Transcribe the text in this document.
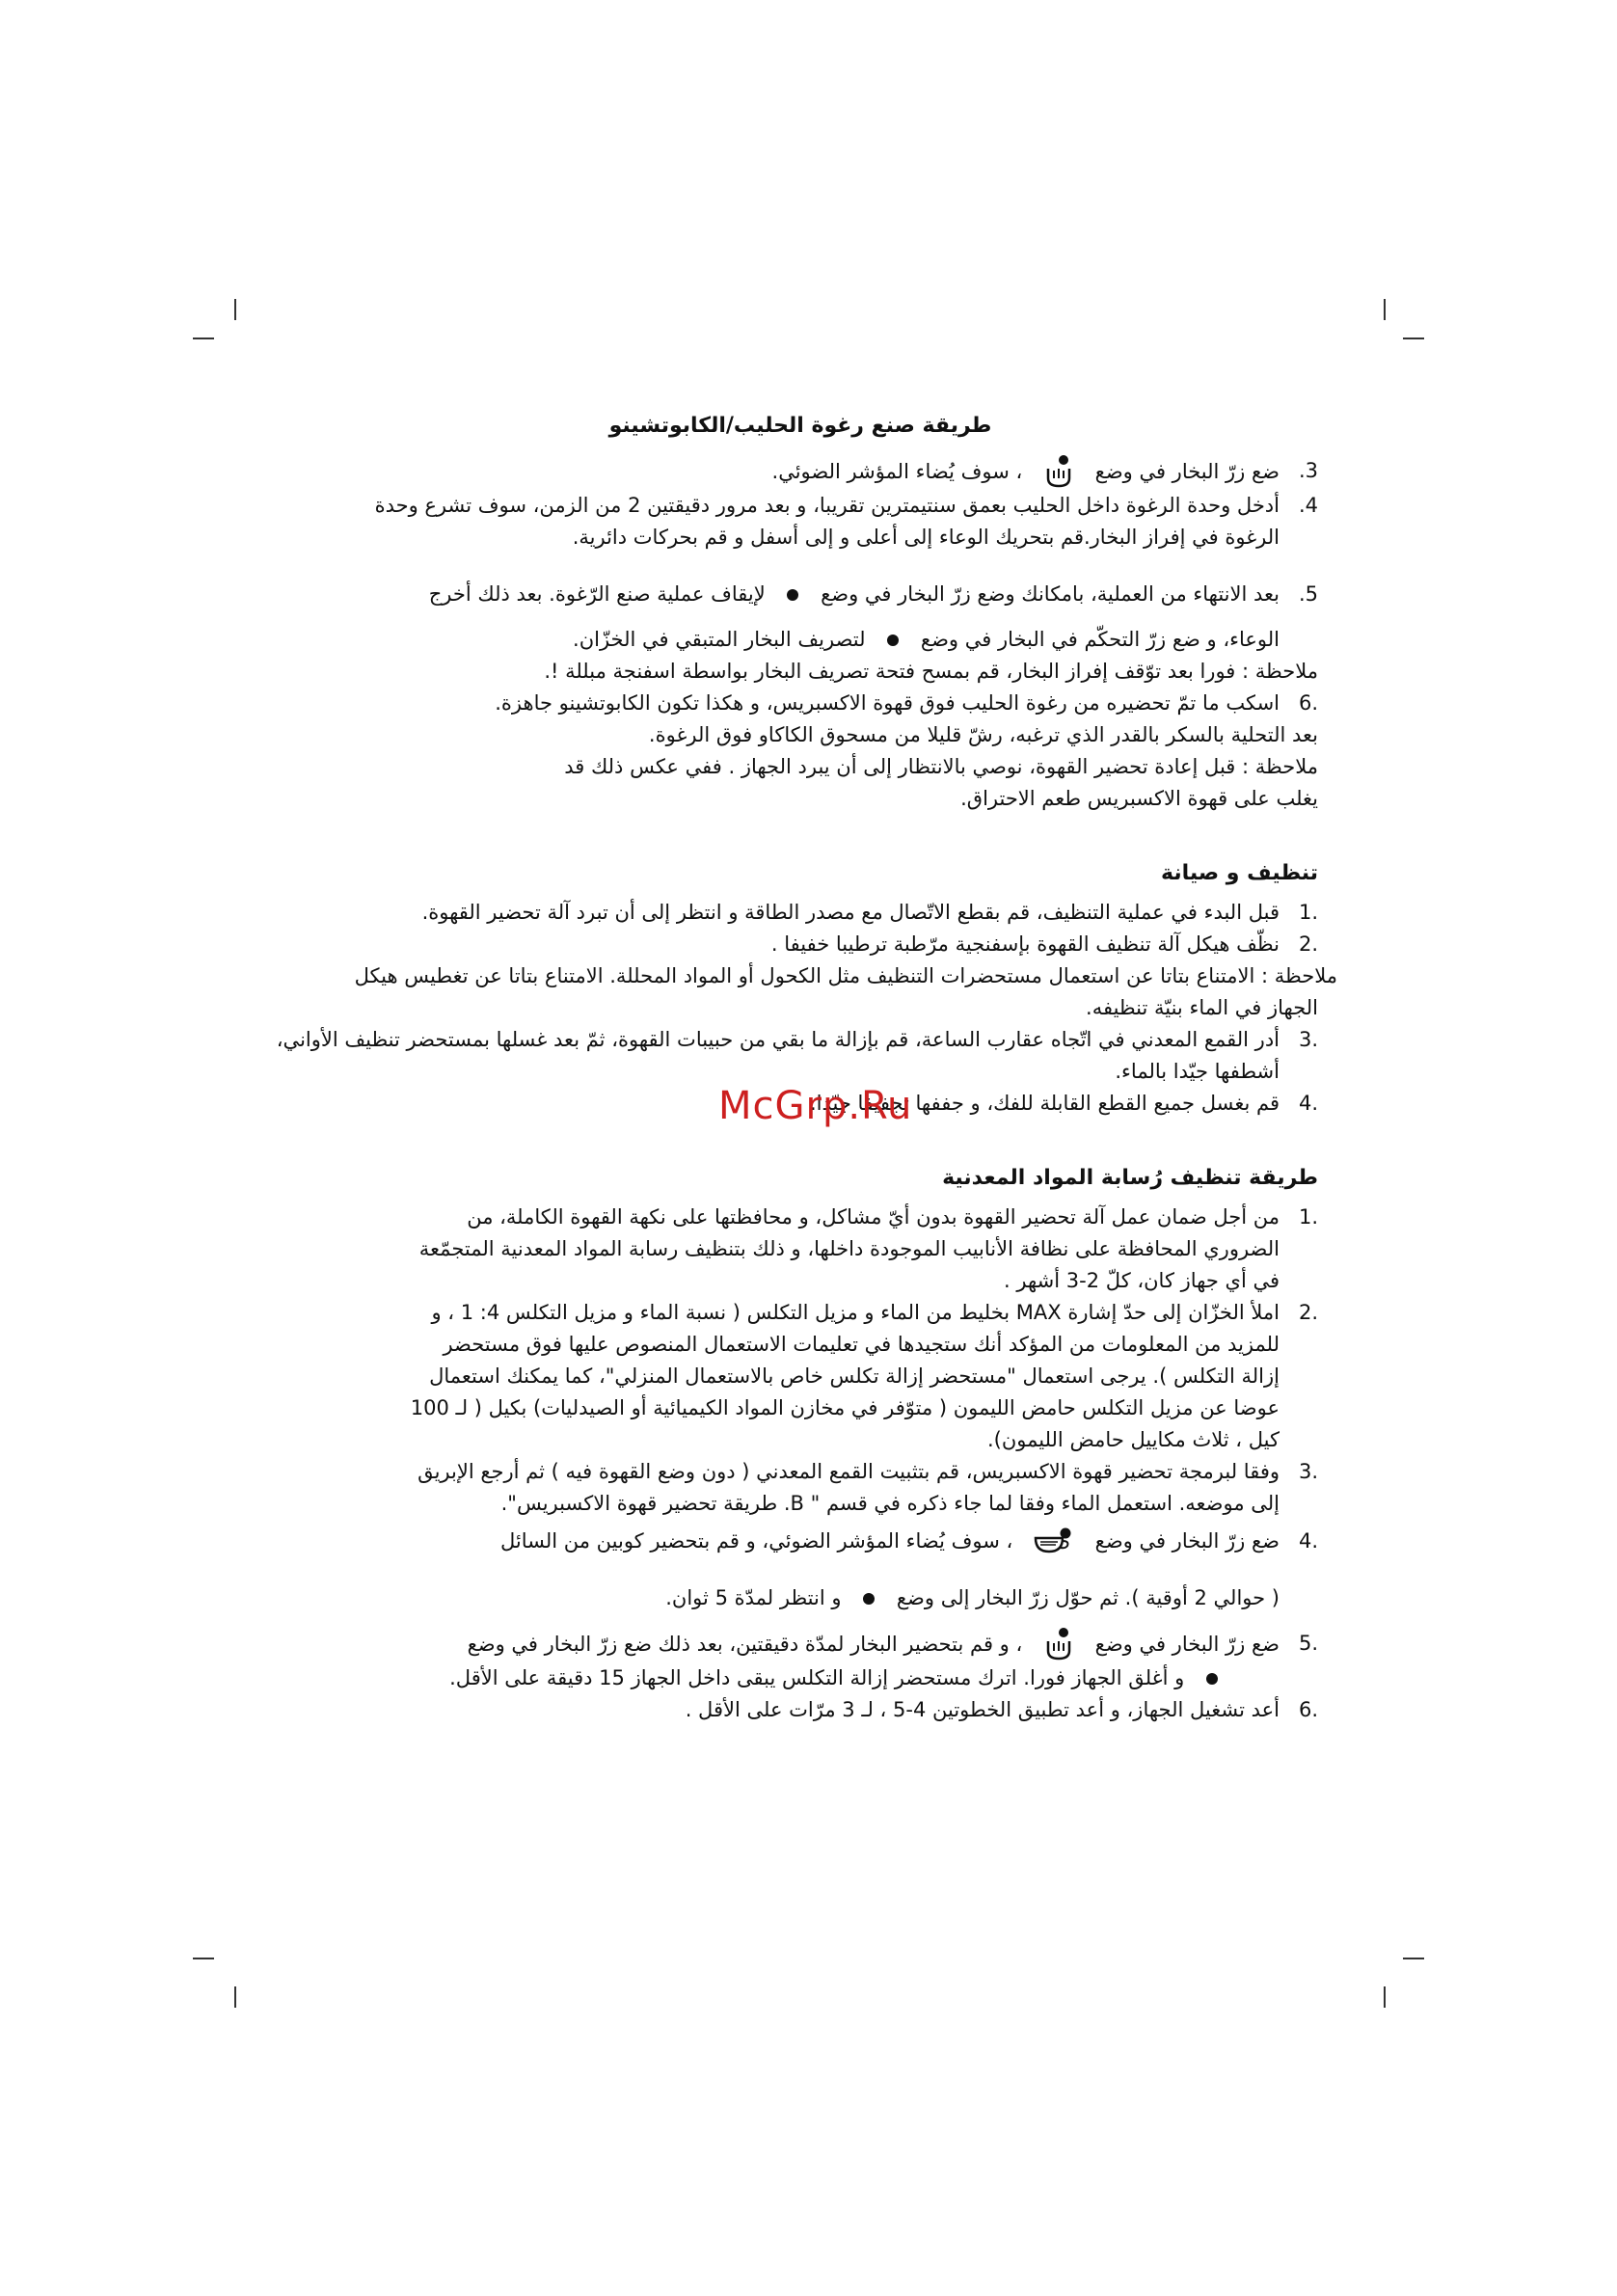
طريقة صنع رغوة الحليب/الكابوتشينو
3.
ضع زرّ البخار في وضع  ، سوف يُضاء المؤشر الضوئي.
4.
أدخل وحدة الرغوة داخل الحليب بعمق سنتيمترين تقريبا، و بعد مرور دقيقتين 2 من الزمن، سوف تشرع وحدة
الرغوة في إفراز البخار.قم بتحريك الوعاء إلى أعلى و إلى أسفل و قم بحركات دائرية.
5.
بعد الانتهاء من العملية، بامكانك وضع زرّ البخار في وضع  لإيقاف عملية صنع الرّغوة. بعد ذلك أخرج
الوعاء، و ضع زرّ التحكّم في البخار في وضع  لتصريف البخار المتبقي في الخزّان.
ملاحظة : فورا بعد توّقف إفراز البخار، قم بمسح فتحة تصريف البخار بواسطة اسفنجة مبللة !.
.6
اسكب ما تمّ تحضيره من رغوة الحليب فوق قهوة الاكسبريس، و هكذا تكون الكابوتشينو جاهزة.
بعد التحلية بالسكر بالقدر الذي ترغبه، رشّ قليلا من مسحوق الكاكاو فوق الرغوة.
ملاحظة : قبل إعادة تحضير القهوة، نوصي بالانتظار إلى أن يبرد الجهاز . ففي عكس ذلك قد
يغلب على قهوة الاكسبريس طعم الاحتراق.
تنظيف و صيانة
.1
قبل البدء في عملية التنظيف، قم بقطع الاتّصال مع مصدر الطاقة و انتظر إلى أن تبرد آلة تحضير القهوة.
.2
نظّف هيكل آلة تنظيف القهوة بإسفنجية مرّطبة ترطيبا خفيفا .
ملاحظة : الامتناع بتاتا عن استعمال مستحضرات التنظيف مثل الكحول أو المواد المحللة. الامتناع بتاتا عن تغطيس هيكل
الجهاز في الماء بنيّة تنظيفه.
.3
أدر القمع المعدني في اتّجاه عقارب الساعة، قم بإزالة ما بقي من حبيبات القهوة، ثمّ بعد غسلها بمستحضر تنظيف الأواني،
أشطفها جيّدا بالماء.
.4
قم بغسل جميع القطع القابلة للفك، و جففها تجفيفا جيّدا.
طريقة تنظيف رُسابة المواد المعدنية
.1
من أجل ضمان عمل آلة تحضير القهوة بدون أيّ مشاكل، و محافظتها على نكهة القهوة الكاملة، من
الضروري المحافظة على نظافة الأنابيب الموجودة داخلها، و ذلك بتنظيف رسابة المواد المعدنية المتجمّعة
في أي جهاز كان، كلّ 2-3 أشهر .
.2
املأ الخزّان إلى حدّ إشارة MAX بخليط من الماء و مزيل التكلس ( نسبة الماء و مزيل التكلس 4: 1 ، و
للمزيد من المعلومات من المؤكد أنك ستجيدها في تعليمات الاستعمال المنصوص عليها فوق مستحضر
إزالة التكلس ). يرجى استعمال "مستحضر إزالة تكلس خاص بالاستعمال المنزلي"، كما يمكنك استعمال
عوضا عن مزيل التكلس حامض الليمون ( متوّفر في مخازن المواد الكيميائية أو الصيدليات) بكيل ( لـ 100
كيل ، ثلاث مكاييل حامض الليمون).
.3
وفقا لبرمجة تحضير قهوة الاكسبريس، قم بتثبيت القمع المعدني ( دون وضع القهوة فيه ) ثم أرجع الإبريق
إلى موضعه. استعمل الماء وفقا لما جاء ذكره في قسم " B. طريقة تحضير قهوة الاكسبريس".
.4
ضع زرّ البخار في وضع  ، سوف يُضاء المؤشر الضوئي، و قم بتحضير كوبين من السائل
( حوالي 2 أوقية ). ثم حوّل زرّ البخار إلى وضع  و انتظر لمدّة 5 ثوان.
.5
ضع زرّ البخار في وضع  ، و قم بتحضير البخار لمدّة دقيقتين، بعد ذلك ضع زرّ البخار في وضع
و أغلق الجهاز فورا. اترك مستحضر إزالة التكلس يبقى داخل الجهاز 15 دقيقة على الأقل.
.6
أعد تشغيل الجهاز، و أعد تطبيق الخطوتين 4-5 ، لـ 3 مرّات على الأقل .
McGrp.Ru
